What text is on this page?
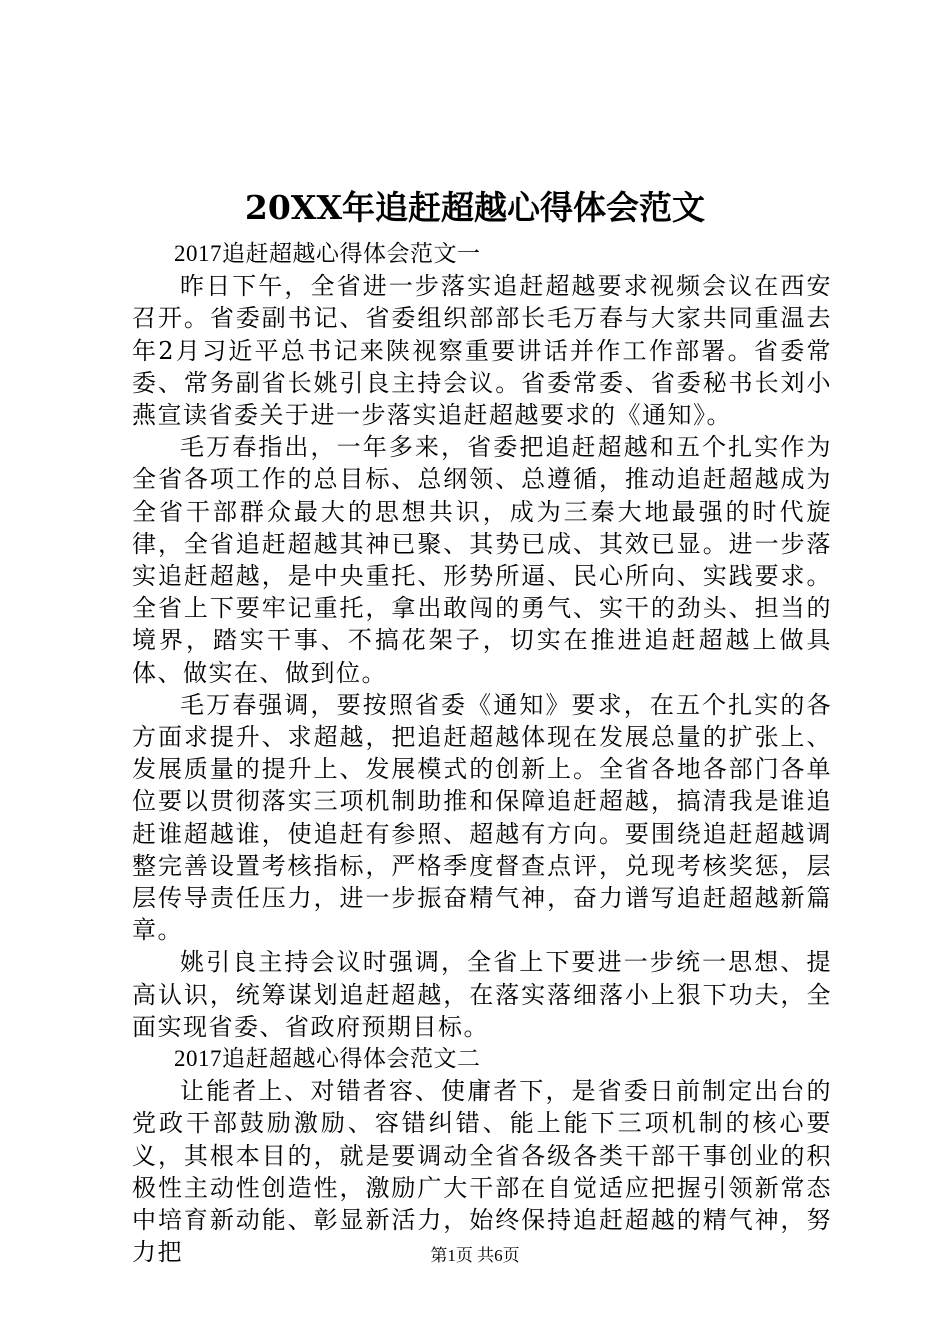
20XX年追赶超越心得体会范文

2017追赶超越心得体会范文一

昨日下午，全省进一步落实追赶超越要求视频会议在西安召开。省委副书记、省委组织部部长毛万春与大家共同重温去年2月习近平总书记来陕视察重要讲话并作工作部署。省委常委、常务副省长姚引良主持会议。省委常委、省委秘书长刘小燕宣读省委关于进一步落实追赶超越要求的《通知》。

毛万春指出，一年多来，省委把追赶超越和五个扎实作为全省各项工作的总目标、总纲领、总遵循，推动追赶超越成为全省干部群众最大的思想共识，成为三秦大地最强的时代旋律，全省追赶超越其神已聚、其势已成、其效已显。进一步落实追赶超越，是中央重托、形势所逼、民心所向、实践要求。全省上下要牢记重托，拿出敢闯的勇气、实干的劲头、担当的境界，踏实干事、不搞花架子，切实在推进追赶超越上做具体、做实在、做到位。

毛万春强调，要按照省委《通知》要求，在五个扎实的各方面求提升、求超越，把追赶超越体现在发展总量的扩张上、发展质量的提升上、发展模式的创新上。全省各地各部门各单位要以贯彻落实三项机制助推和保障追赶超越，搞清我是谁追赶谁超越谁，使追赶有参照、超越有方向。要围绕追赶超越调整完善设置考核指标，严格季度督查点评，兑现考核奖惩，层层传导责任压力，进一步振奋精气神，奋力谱写追赶超越新篇章。

姚引良主持会议时强调，全省上下要进一步统一思想、提高认识，统筹谋划追赶超越，在落实落细落小上狠下功夫，全面实现省委、省政府预期目标。

2017追赶超越心得体会范文二

让能者上、对错者容、使庸者下，是省委日前制定出台的党政干部鼓励激励、容错纠错、能上能下三项机制的核心要义，其根本目的，就是要调动全省各级各类干部干事创业的积极性主动性创造性，激励广大干部在自觉适应把握引领新常态中培育新动能、彰显新活力，始终保持追赶超越的精气神，努力把	第1页 共6页
